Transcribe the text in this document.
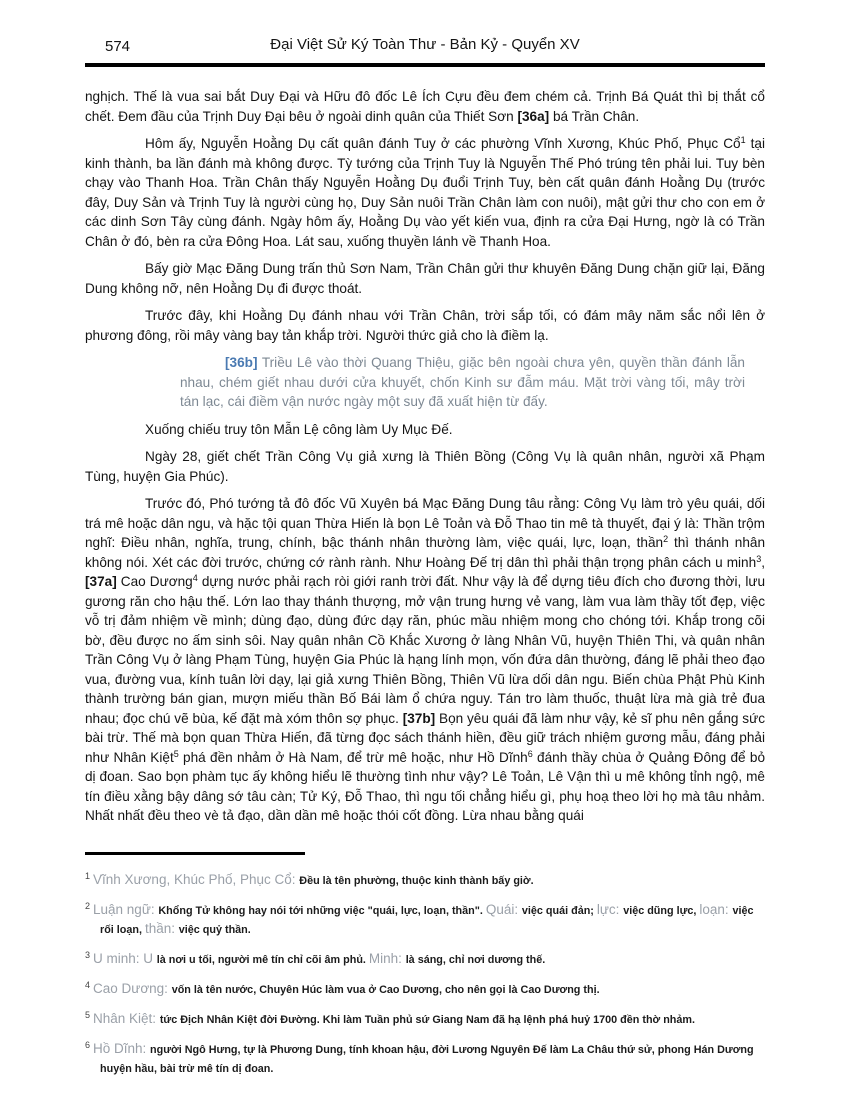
574	Đại Việt Sử Ký Toàn Thư - Bản Kỷ - Quyển XV

nghịch. Thế là vua sai bắt Duy Đại và Hữu đô đốc Lê Ích Cựu đều đem chém cả. Trịnh Bá Quát thì bị thắt cổ chết. Đem đầu của Trịnh Duy Đại bêu ở ngoài dinh quân của Thiết Sơn [36a] bá Trần Chân.

Hôm ấy, Nguyễn Hoằng Dụ cất quân đánh Tuy ở các phường Vĩnh Xương, Khúc Phố, Phục Cổ$^1$ tại kinh thành, ba lần đánh mà không được. Tỳ tướng của Trịnh Tuy là Nguyễn Thế Phó trúng tên phải lui. Tuy bèn chạy vào Thanh Hoa. Trần Chân thấy Nguyễn Hoằng Dụ đuổi Trịnh Tuy, bèn cất quân đánh Hoằng Dụ (trước đây, Duy Sản và Trịnh Tuy là người cùng họ, Duy Sản nuôi Trần Chân làm con nuôi), mật gửi thư cho con em ở các dinh Sơn Tây cùng đánh. Ngày hôm ấy, Hoằng Dụ vào yết kiến vua, định ra cửa Đại Hưng, ngờ là có Trần Chân ở đó, bèn ra cửa Đông Hoa. Lát sau, xuống thuyền lánh về Thanh Hoa.

Bấy giờ Mạc Đăng Dung trấn thủ Sơn Nam, Trần Chân gửi thư khuyên Đăng Dung chặn giữ lại, Đăng Dung không nỡ, nên Hoằng Dụ đi được thoát.

Trước đây, khi Hoằng Dụ đánh nhau với Trần Chân, trời sắp tối, có đám mây năm sắc nổi lên ở phương đông, rồi mây vàng bay tản khắp trời. Người thức giả cho là điềm lạ.

[36b] Triều Lê vào thời Quang Thiệu, giặc bên ngoài chưa yên, quyền thần đánh lẫn nhau, chém giết nhau dưới cửa khuyết, chốn Kinh sư đẫm máu. Mặt trời vàng tối, mây trời tán lạc, cái điềm vận nước ngày một suy đã xuất hiện từ đấy.

Xuống chiếu truy tôn Mẫn Lệ công làm Uy Mục Đế.

Ngày 28, giết chết Trần Công Vụ giả xưng là Thiên Bồng (Công Vụ là quân nhân, người xã Phạm Tùng, huyện Gia Phúc).

Trước đó, Phó tướng tả đô đốc Vũ Xuyên bá Mạc Đăng Dung tâu rằng: Công Vụ làm trò yêu quái, dối trá mê hoặc dân ngu, và hặc tội quan Thừa Hiến là bọn Lê Toản và Đỗ Thao tin mê tà thuyết, đại ý là: Thần trộm nghĩ: Điều nhân, nghĩa, trung, chính, bậc thánh nhân thường làm, việc quái, lực, loạn, thần$^2$ thì thánh nhân không nói. Xét các đời trước, chứng cớ rành rành. Như Hoàng Đế trị dân thì phải thận trọng phân cách u minh$^3$, [37a] Cao Dương$^4$ dựng nước phải rạch ròi giới ranh trời đất. Như vậy là để dựng tiêu đích cho đương thời, lưu gương răn cho hậu thế. Lớn lao thay thánh thượng, mở vận trung hưng vẻ vang, làm vua làm thầy tốt đẹp, việc vỗ trị đảm nhiệm về mình; dùng đạo, dùng đức dạy răn, phúc mầu nhiệm mong cho chóng tới. Khắp trong cõi bờ, đều được no ấm sinh sôi. Nay quân nhân Cồ Khắc Xương ở làng Nhân Vũ, huyện Thiên Thi, và quân nhân Trần Công Vụ ở làng Phạm Tùng, huyện Gia Phúc là hạng lính mọn, vốn đứa dân thường, đáng lẽ phải theo đạo vua, đường vua, kính tuân lời dạy, lại giả xưng Thiên Bồng, Thiên Vũ lừa dối dân ngu. Biến chùa Phật Phù Kinh thành trường bán gian, mượn miếu thần Bố Bái làm ổ chứa nguy. Tán tro làm thuốc, thuật lừa mà già trẻ đua nhau; đọc chú vẽ bùa, kế đặt mà xóm thôn sợ phục. [37b] Bọn yêu quái đã làm như vậy, kẻ sĩ phu nên gắng sức bài trừ. Thế mà bọn quan Thừa Hiến, đã từng đọc sách thánh hiền, đều giữ trách nhiệm gương mẫu, đáng phải như Nhân Kiệt$^5$ phá đền nhảm ở Hà Nam, để trừ mê hoặc, như Hồ Dĩnh$^6$ đánh thầy chùa ở Quảng Đông để bỏ dị đoan. Sao bọn phàm tục ấy không hiểu lẽ thường tình như vậy? Lê Toản, Lê Vận thì u mê không tỉnh ngộ, mê tín điều xằng bậy dâng sớ tâu càn; Tử Ký, Đỗ Thao, thì ngu tối chẳng hiểu gì, phụ hoạ theo lời họ mà tâu nhảm. Nhất nhất đều theo vè tả đạo, dần dần mê hoặc thói cốt đồng. Lừa nhau bằng quái

$^1$ Vĩnh Xương, Khúc Phố, Phục Cổ: Đều là tên phường, thuộc kinh thành bấy giờ.

$^2$ Luận ngữ: Khổng Tử không hay nói tới những việc "quái, lực, loạn, thần". Quái: việc quái đản; lực: việc dũng lực, loạn: việc rối loạn, thần: việc quỷ thần.

$^3$ U minh: U là nơi u tối, người mê tín chỉ cõi âm phủ. Minh: là sáng, chỉ nơi dương thế.

$^4$ Cao Dương: vốn là tên nước, Chuyên Húc làm vua ở Cao Dương, cho nên gọi là Cao Dương thị.

$^5$ Nhân Kiệt: tức Địch Nhân Kiệt đời Đường. Khi làm Tuần phủ sứ Giang Nam đã hạ lệnh phá huỷ 1700 đền thờ nhảm.

$^6$ Hồ Dĩnh: người Ngô Hưng, tự là Phương Dung, tính khoan hậu, đời Lương Nguyên Đế làm La Châu thứ sử, phong Hán Dương huyện hầu, bài trừ mê tín dị đoan.
